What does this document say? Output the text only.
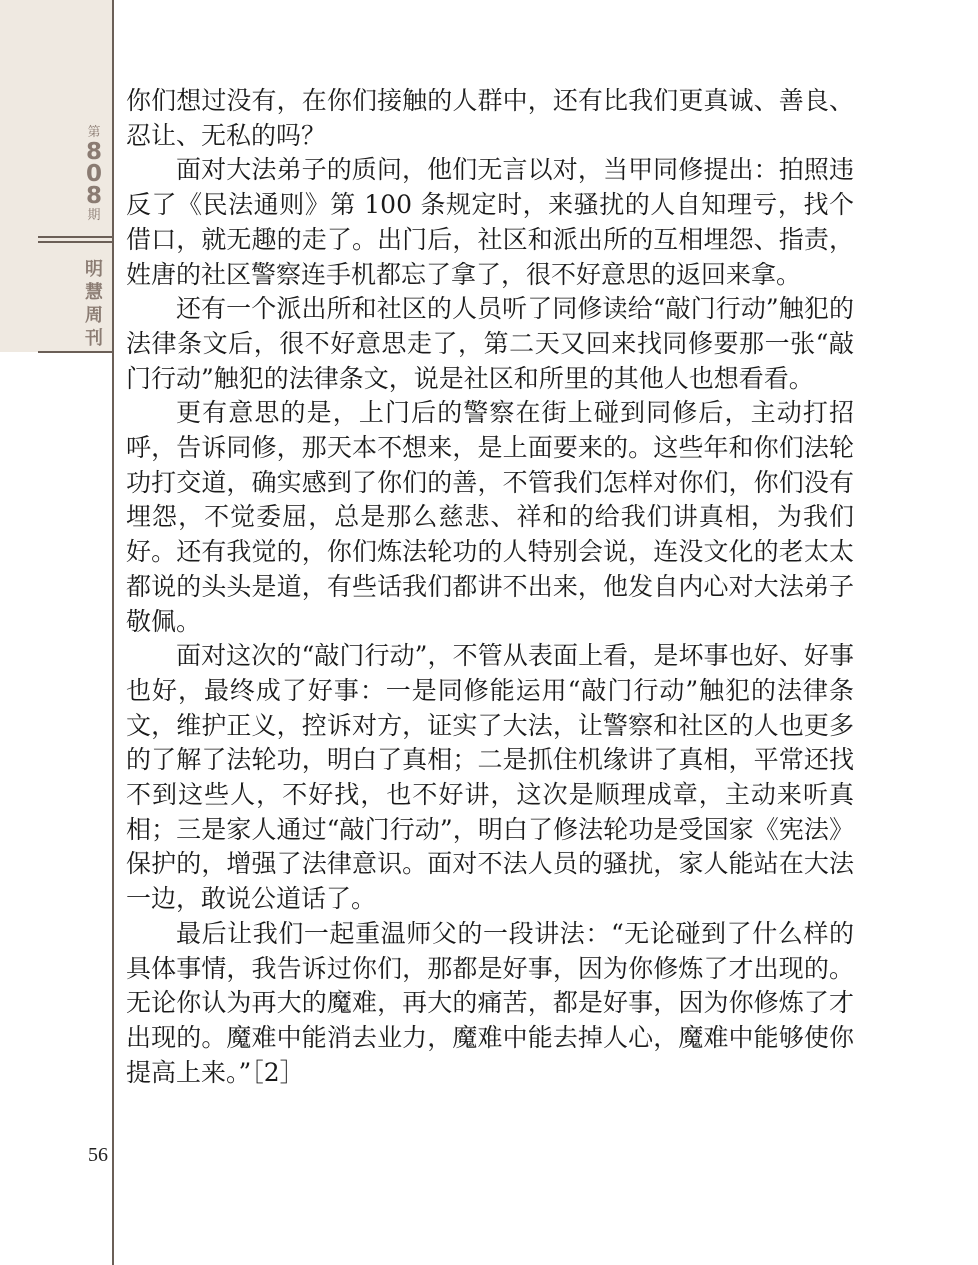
第
8
0
8
期
明
慧
周
刊

你们想过没有，在你们接触的人群中，还有比我们更真诚、善良、忍让、无私的吗？

面对大法弟子的质问，他们无言以对，当甲同修提出：拍照违反了《民法通则》第 100 条规定时，来骚扰的人自知理亏，找个借口，就无趣的走了。出门后，社区和派出所的互相埋怨、指责，姓唐的社区警察连手机都忘了拿了，很不好意思的返回来拿。

还有一个派出所和社区的人员听了同修读给“敲门行动”触犯的法律条文后，很不好意思走了，第二天又回来找同修要那一张“敲门行动”触犯的法律条文，说是社区和所里的其他人也想看看。

更有意思的是，上门后的警察在街上碰到同修后，主动打招呼，告诉同修，那天本不想来，是上面要来的。这些年和你们法轮功打交道，确实感到了你们的善，不管我们怎样对你们，你们没有埋怨，不觉委屈，总是那么慈悲、祥和的给我们讲真相，为我们好。还有我觉的，你们炼法轮功的人特别会说，连没文化的老太太都说的头头是道，有些话我们都讲不出来，他发自内心对大法弟子敬佩。

面对这次的“敲门行动”，不管从表面上看，是坏事也好、好事也好，最终成了好事：一是同修能运用“敲门行动”触犯的法律条文，维护正义，控诉对方，证实了大法，让警察和社区的人也更多的了解了法轮功，明白了真相；二是抓住机缘讲了真相，平常还找不到这些人，不好找，也不好讲，这次是顺理成章，主动来听真相；三是家人通过“敲门行动”，明白了修法轮功是受国家《宪法》保护的，增强了法律意识。面对不法人员的骚扰，家人能站在大法一边，敢说公道话了。

最后让我们一起重温师父的一段讲法：“无论碰到了什么样的具体事情，我告诉过你们，那都是好事，因为你修炼了才出现的。无论你认为再大的魔难，再大的痛苦，都是好事，因为你修炼了才出现的。魔难中能消去业力，魔难中能去掉人心，魔难中能够使你提高上来。”［2］

56
